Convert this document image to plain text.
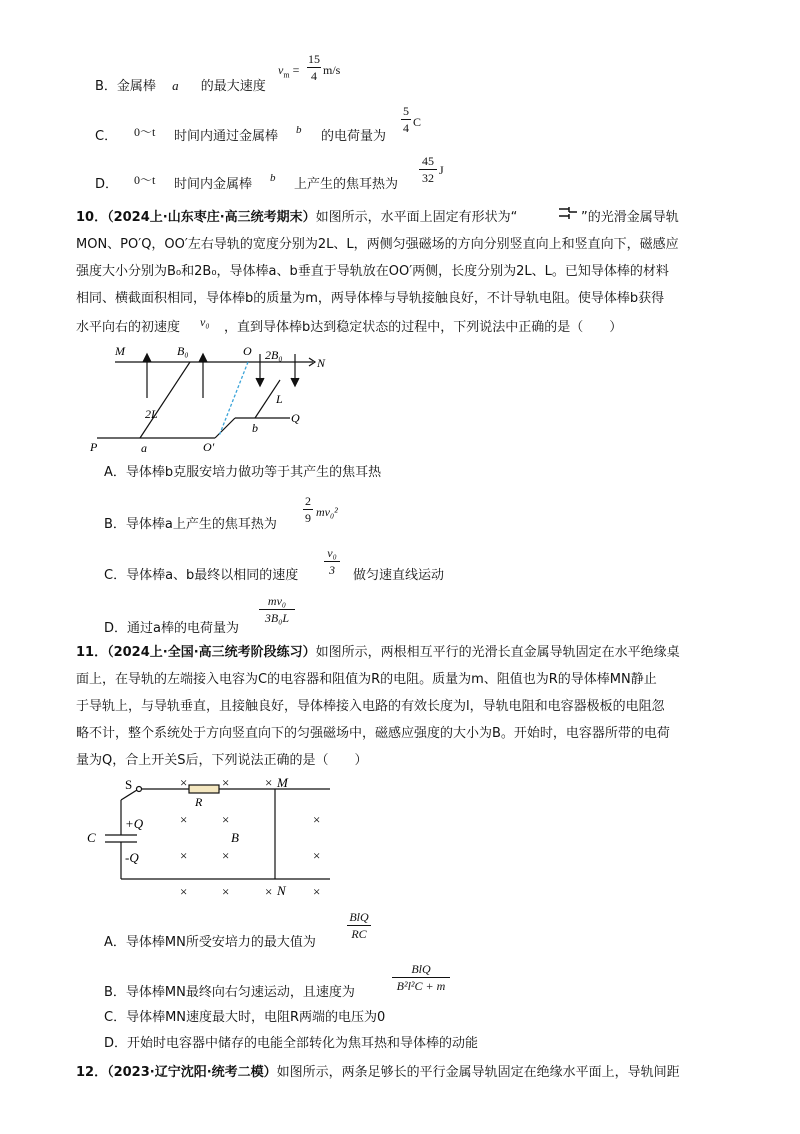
B．金属棒 a 的最大速度
$v_m$ =
15
4 m/s
C． 0～t 时间内通过金属棒 b 的电荷量为
5
4 C
D． 0～t 时间内金属棒 b 上产生的焦耳热为
45
32
J
10．（2024上·山东枣庄·高三统考期末）如图所示，水平面上固定有形状为“	”的光滑金属导轨
MON、PO′Q，OO′左右导轨的宽度分别为2L、L，两侧匀强磁场的方向分别竖直向上和竖直向下，磁感应
强度大小分别为B₀和2B₀，导体棒a、b垂直于导轨放在OO′两侧，长度分别为2L、L。已知导体棒的材料
相同、横截面积相同，导体棒b的质量为m，两导体棒与导轨接触良好，不计导轨电阻。使导体棒b获得
水平向右的初速度 v₀ ，直到导体棒b达到稳定状态的过程中，下列说法中正确的是（　　）
M	B₀	O 2B₀
N
2L
L
Q
P	a	O′
b
A．导体棒b克服安培力做功等于其产生的焦耳热
B．导体棒a上产生的焦耳热为
2
9 mv₀²
C．导体棒a、b最终以相同的速度
v₀
3	做匀速直线运动
D．通过a棒的电荷量为
mv₀
3B₀L
11．（2024上·全国·高三统考阶段练习）如图所示，两根相互平行的光滑长直金属导轨固定在水平绝缘桌
面上，在导轨的左端接入电容为C的电容器和阻值为R的电阻。质量为m、阻值也为R的导体棒MN静止
于导轨上，与导轨垂直，且接触良好，导体棒接入电路的有效长度为l，导轨电阻和电容器极板的电阻忽
略不计，整个系统处于方向竖直向下的匀强磁场中，磁感应强度的大小为B。开始时，电容器所带的电荷
量为Q，合上开关S后，下列说法正确的是（　　）
S
R
M
C
+Q
-Q
B
N
×	×	×
×	×	×
×	×	×
×	×	×	×
A．导体棒MN所受安培力的最大值为
BlQ
RC
B．导体棒MN最终向右匀速运动，且速度为
BlQ
B²l²C + m
C．导体棒MN速度最大时，电阻R两端的电压为0
D．开始时电容器中储存的电能全部转化为焦耳热和导体棒的动能
12．（2023·辽宁沈阳·统考二模）如图所示，两条足够长的平行金属导轨固定在绝缘水平面上，导轨间距
